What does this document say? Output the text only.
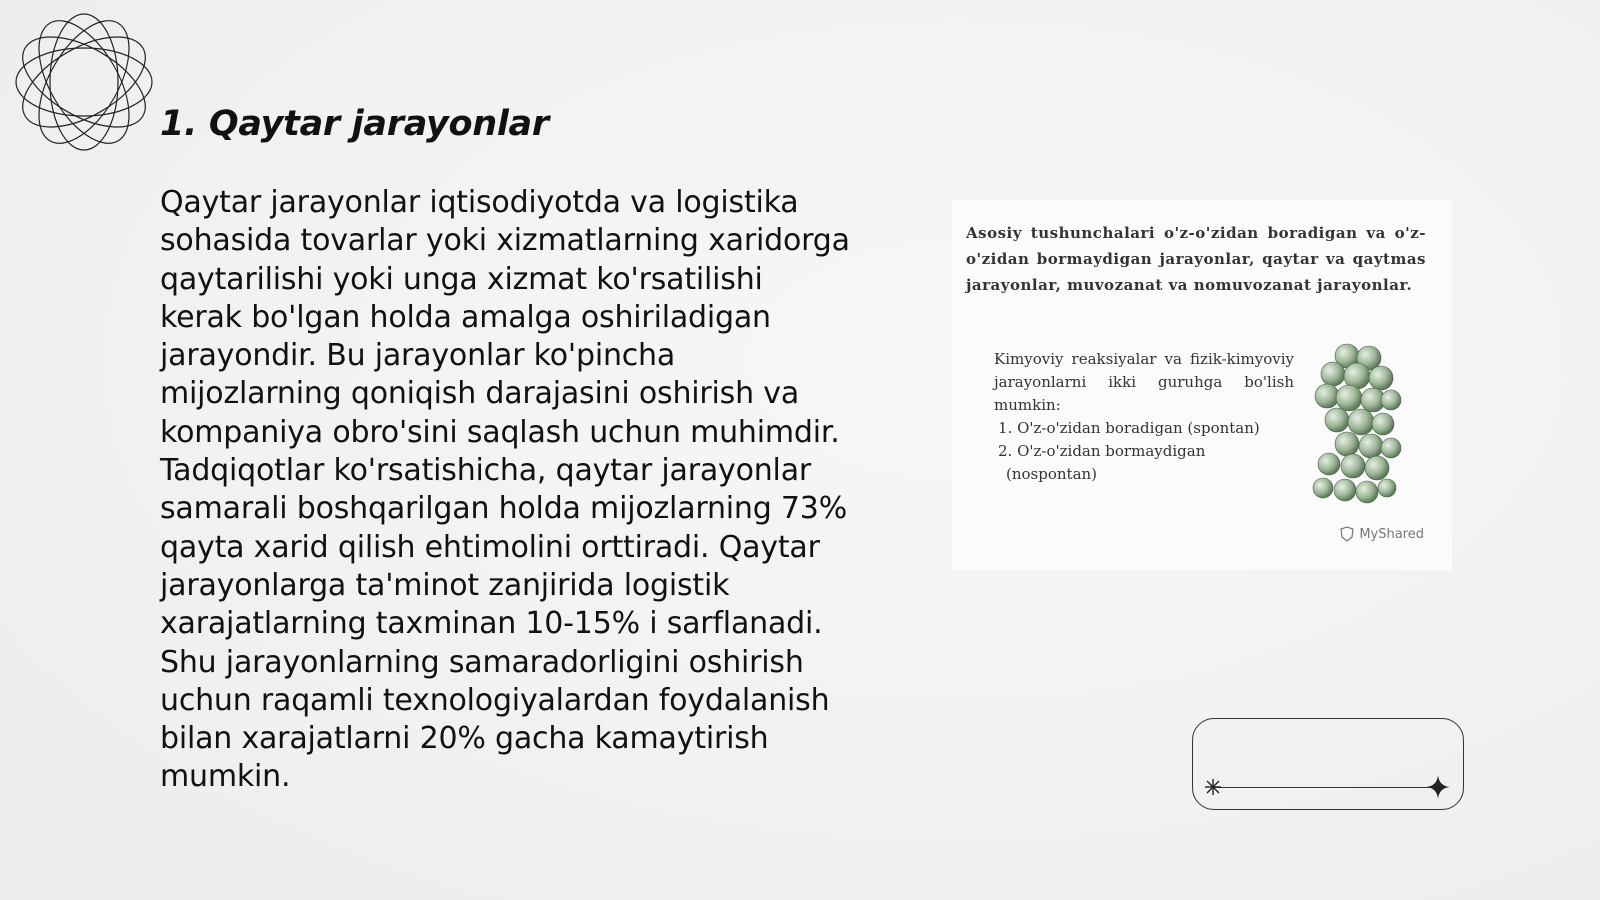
1. Qaytar jarayonlar

Qaytar jarayonlar iqtisodiyotda va logistika sohasida tovarlar yoki xizmatlarning xaridorga qaytarilishi yoki unga xizmat ko'rsatilishi kerak bo'lgan holda amalga oshiriladigan jarayondir. Bu jarayonlar ko'pincha mijozlarning qoniqish darajasini oshirish va kompaniya obro'sini saqlash uchun muhimdir. Tadqiqotlar ko'rsatishicha, qaytar jarayonlar samarali boshqarilgan holda mijozlarning 73% qayta xarid qilish ehtimolini orttiradi. Qaytar jarayonlarga ta'minot zanjirida logistik xarajatlarning taxminan 10-15% i sarflanadi. Shu jarayonlarning samaradorligini oshirish uchun raqamli texnologiyalardan foydalanish bilan xarajatlarni 20% gacha kamaytirish mumkin.

Asosiy tushunchalari o'z-o'zidan boradigan va o'z-o'zidan bormaydigan jarayonlar, qaytar va qaytmas jarayonlar, muvozanat va nomuvozanat jarayonlar.
Kimyoviy reaksiyalar va fizik-kimyoviy jarayonlarni ikki guruhga bo'lish mumkin:
1. O'z-o'zidan boradigan (spontan)
2. O'z-o'zidan bormaydigan
(nospontan)
MyShared
